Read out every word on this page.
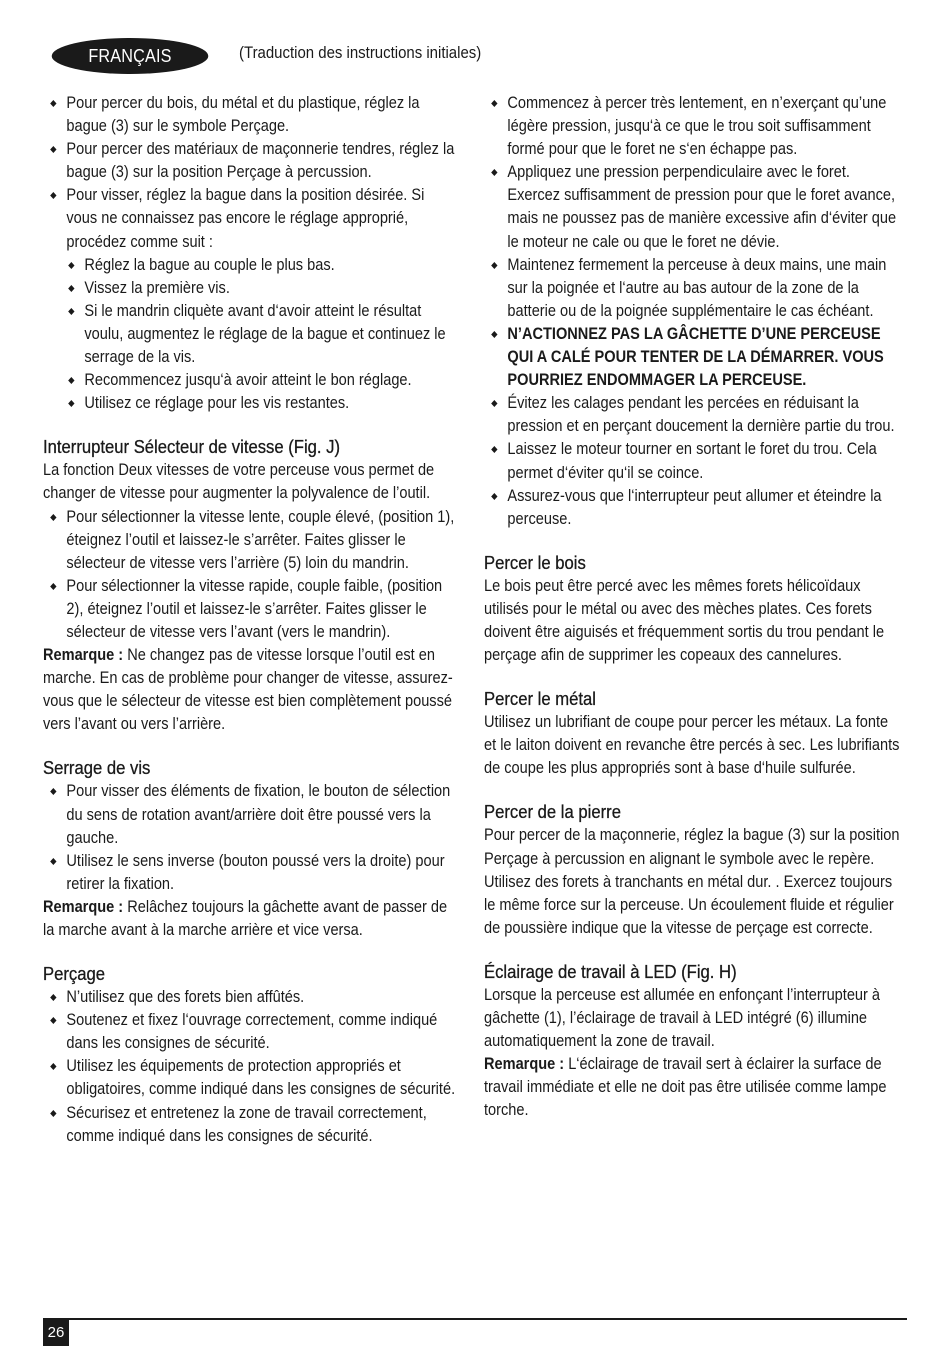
FRANÇAIS	(Traduction des instructions initiales)
Pour percer du bois, du métal et du plastique, réglez la bague (3) sur le symbole Perçage.
Pour percer des matériaux de maçonnerie tendres, réglez la bague (3) sur la position Perçage à percussion.
Pour visser, réglez la bague dans la position désirée. Si vous ne connaissez pas encore le réglage approprié, procédez comme suit :
Réglez la bague au couple le plus bas.
Vissez la première vis.
Si le mandrin cliquète avant d‘avoir atteint le résultat voulu, augmentez le réglage de la bague et continuez le serrage de la vis.
Recommencez jusqu‘à avoir atteint le bon réglage.
Utilisez ce réglage pour les vis restantes.
Interrupteur Sélecteur de vitesse (Fig. J)

La fonction Deux vitesses de votre perceuse vous permet de changer de vitesse pour augmenter la polyvalence de l’outil.

Pour sélectionner la vitesse lente, couple élevé, (position 1), éteignez l’outil et laissez-le s’arrêter. Faites glisser le sélecteur de vitesse vers l’arrière (5) loin du mandrin.
Pour sélectionner la vitesse rapide, couple faible, (position 2), éteignez l’outil et laissez-le s’arrêter. Faites glisser le sélecteur de vitesse vers l’avant (vers le mandrin).

Remarque : Ne changez pas de vitesse lorsque l’outil est en marche. En cas de problème pour changer de vitesse, assurez-vous que le sélecteur de vitesse est bien complètement poussé vers l’avant ou vers l’arrière.

Serrage de vis
Pour visser des éléments de fixation, le bouton de sélection du sens de rotation avant/arrière doit être poussé vers la gauche.
Utilisez le sens inverse (bouton poussé vers la droite) pour retirer la fixation.

Remarque : Relâchez toujours la gâchette avant de passer de la marche avant à la marche arrière et vice versa.

Perçage
N’utilisez que des forets bien affûtés.
Soutenez et fixez l‘ouvrage correctement, comme indiqué dans les consignes de sécurité.
Utilisez les équipements de protection appropriés et obligatoires, comme indiqué dans les consignes de sécurité.
Sécurisez et entretenez la zone de travail correctement, comme indiqué dans les consignes de sécurité.
Commencez à percer très lentement, en n’exerçant qu’une légère pression, jusqu‘à ce que le trou soit suffisamment formé pour que le foret ne s‘en échappe pas.
Appliquez une pression perpendiculaire avec le foret. Exercez suffisamment de pression pour que le foret avance, mais ne poussez pas de manière excessive afin d‘éviter que le moteur ne cale ou que le foret ne dévie.
Maintenez fermement la perceuse à deux mains, une main sur la poignée et l‘autre au bas autour de la zone de la batterie ou de la poignée supplémentaire le cas échéant.
N’ACTIONNEZ PAS LA GÂCHETTE D’UNE PERCEUSE QUI A CALÉ POUR TENTER DE LA DÉMARRER. VOUS POURRIEZ ENDOMMAGER LA PERCEUSE.
Évitez les calages pendant les percées en réduisant la pression et en perçant doucement la dernière partie du trou.
Laissez le moteur tourner en sortant le foret du trou. Cela permet d‘éviter qu‘il se coince.
Assurez-vous que l‘interrupteur peut allumer et éteindre la perceuse.
Percer le bois

Le bois peut être percé avec les mêmes forets hélicoïdaux utilisés pour le métal ou avec des mèches plates. Ces forets doivent être aiguisés et fréquemment sortis du trou pendant le perçage afin de supprimer les copeaux des cannelures.

Percer le métal

Utilisez un lubrifiant de coupe pour percer les métaux. La fonte et le laiton doivent en revanche être percés à sec. Les lubrifiants de coupe les plus appropriés sont à base d‘huile sulfurée.

Percer de la pierre

Pour percer de la maçonnerie, réglez la bague (3) sur la position Perçage à percussion en alignant le symbole avec le repère. Utilisez des forets à tranchants en métal dur. . Exercez toujours le même force sur la perceuse. Un écoulement fluide et régulier de poussière indique que la vitesse de perçage est correcte.

Éclairage de travail à LED (Fig. H)

Lorsque la perceuse est allumée en enfonçant l’interrupteur à gâchette (1), l’éclairage de travail à LED intégré (6) illumine automatiquement la zone de travail.

Remarque : L‘éclairage de travail sert à éclairer la surface de travail immédiate et elle ne doit pas être utilisée comme lampe torche.

26
